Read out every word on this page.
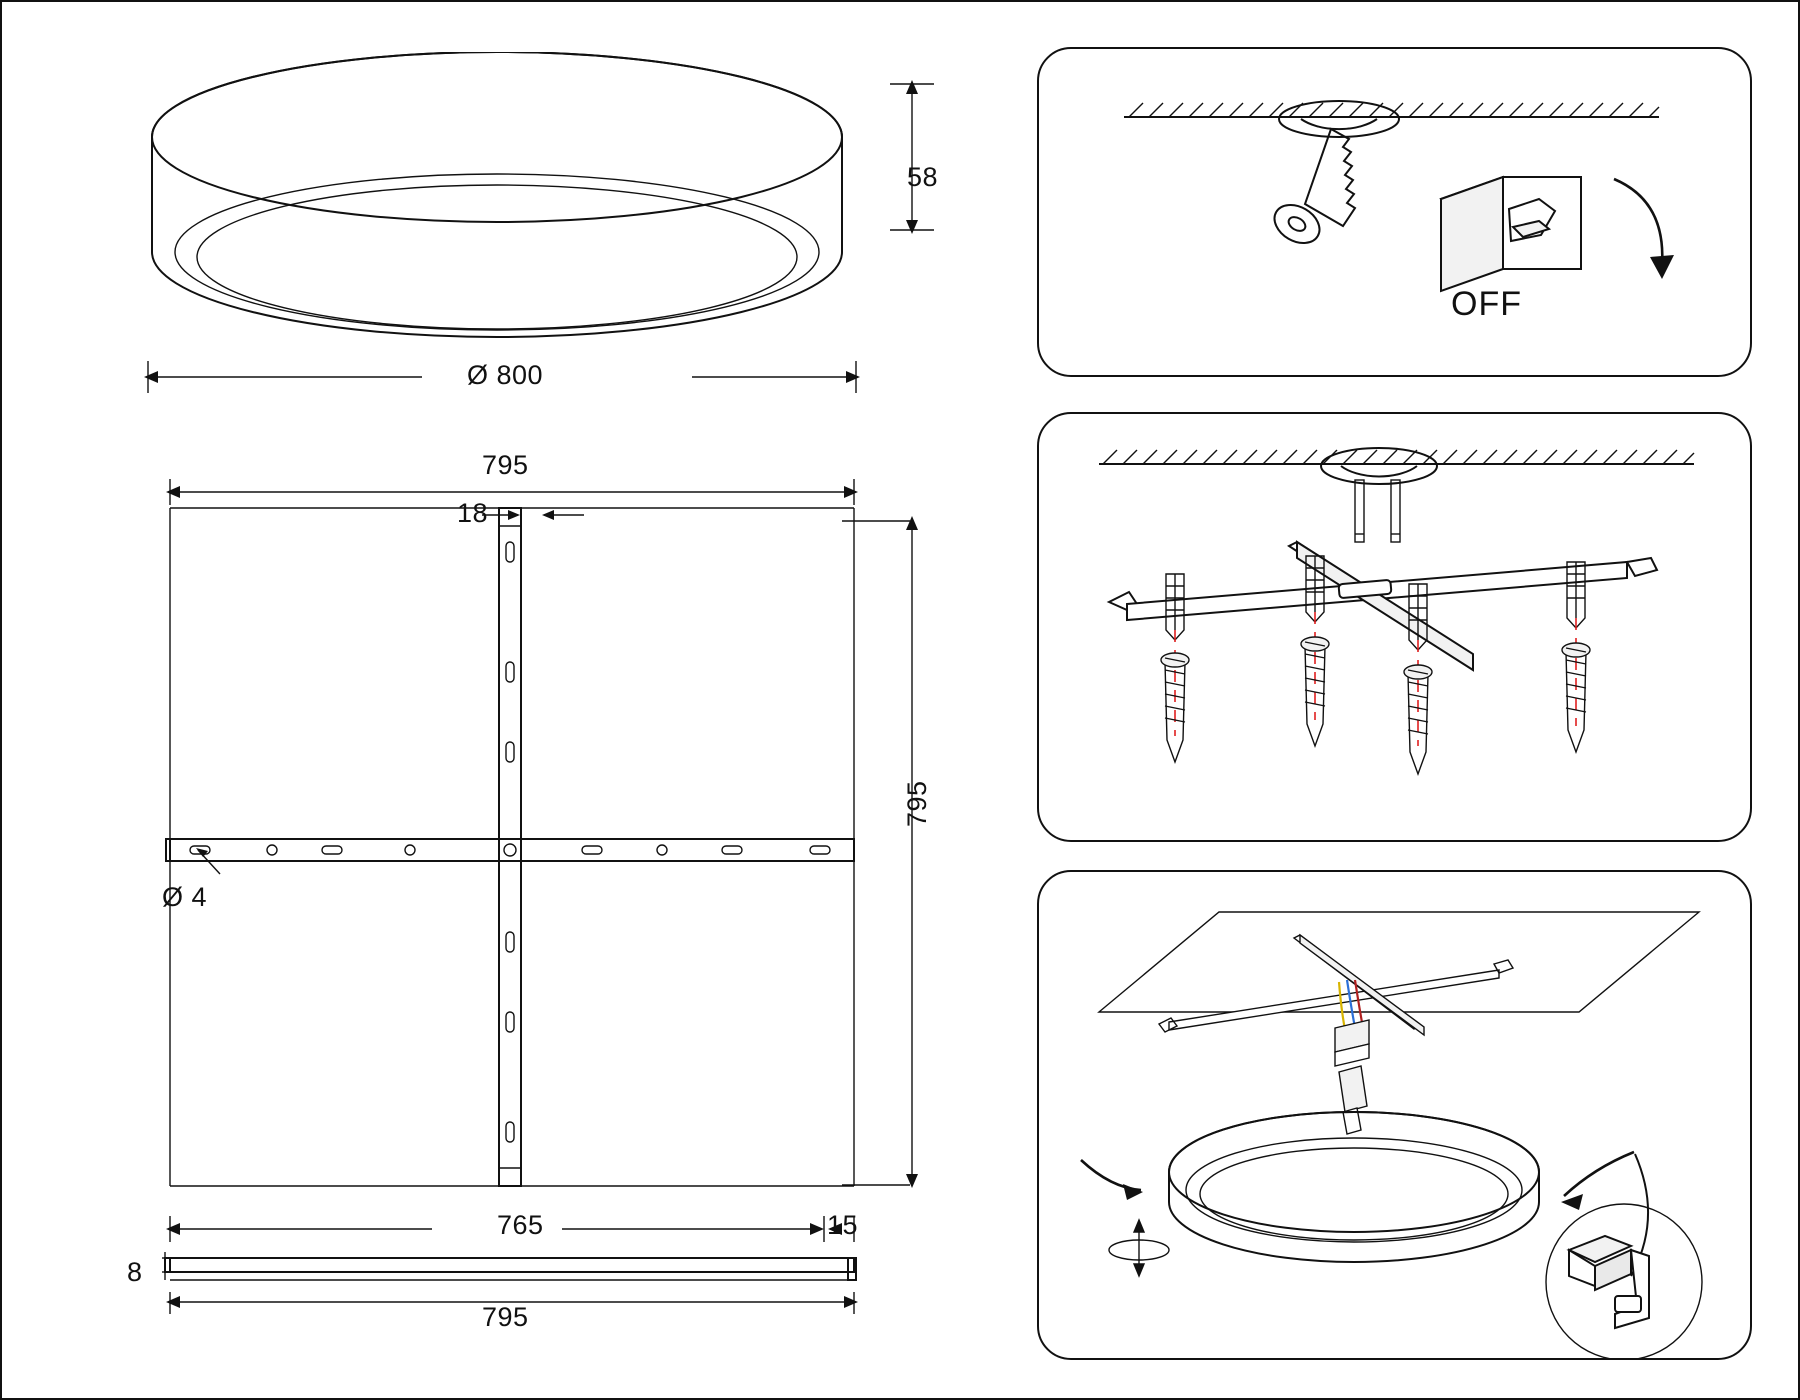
58
Ø 800
795
18
Ø 4
795
765	15
8
795
OFF
